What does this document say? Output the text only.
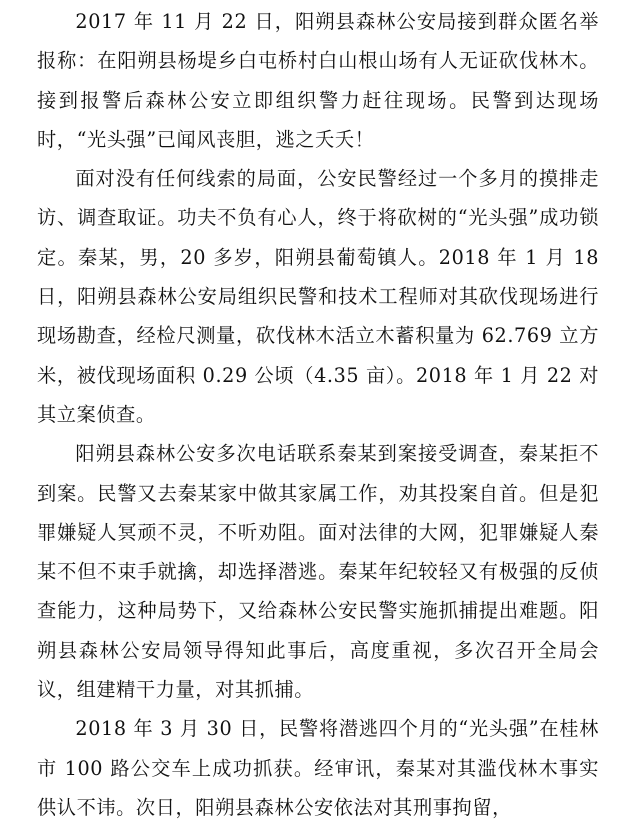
2017 年 11 月 22 日，阳朔县森林公安局接到群众匿名举报称：在阳朔县杨堤乡白屯桥村白山根山场有人无证砍伐林木。接到报警后森林公安立即组织警力赶往现场。民警到达现场时，“光头强”已闻风丧胆，逃之夭夭！

面对没有任何线索的局面，公安民警经过一个多月的摸排走访、调查取证。功夫不负有心人，终于将砍树的“光头强”成功锁定。秦某，男，20 多岁，阳朔县葡萄镇人。2018 年 1 月 18 日，阳朔县森林公安局组织民警和技术工程师对其砍伐现场进行现场勘查，经检尺测量，砍伐林木活立木蓄积量为 62.769 立方米，被伐现场面积 0.29 公顷（4.35 亩）。2018 年 1 月 22 对其立案侦查。

阳朔县森林公安多次电话联系秦某到案接受调查，秦某拒不到案。民警又去秦某家中做其家属工作，劝其投案自首。但是犯罪嫌疑人冥顽不灵，不听劝阻。面对法律的大网，犯罪嫌疑人秦某不但不束手就擒，却选择潜逃。秦某年纪较轻又有极强的反侦查能力，这种局势下，又给森林公安民警实施抓捕提出难题。阳朔县森林公安局领导得知此事后，高度重视，多次召开全局会议，组建精干力量，对其抓捕。

2018 年 3 月 30 日，民警将潜逃四个月的“光头强”在桂林市 100 路公交车上成功抓获。经审讯，秦某对其滥伐林木事实供认不讳。次日，阳朔县森林公安依法对其刑事拘留，
